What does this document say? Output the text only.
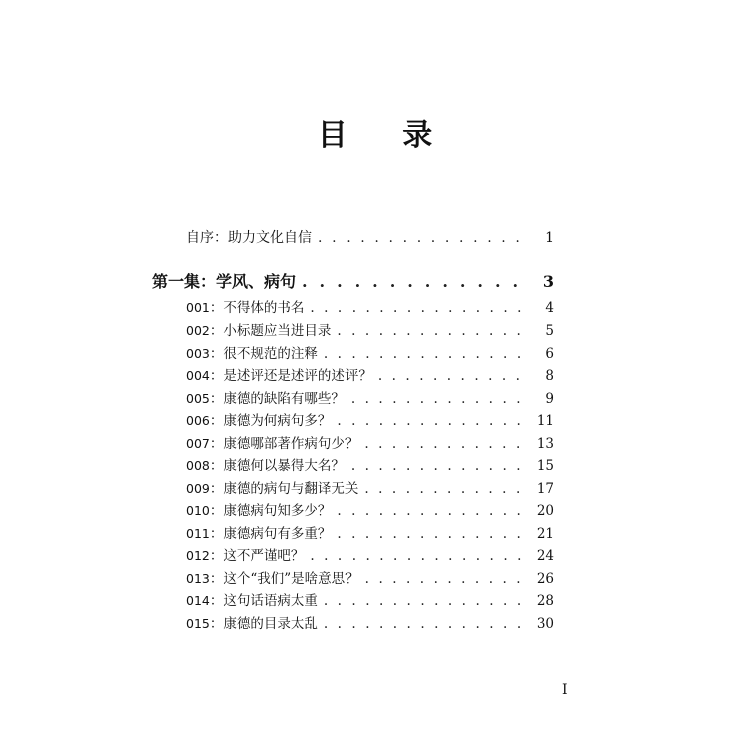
目 录
自序：助力文化自信 . . .	1
第一集：学风、病句 . . .	3
001：不得体的书名 . . .	4
002：小标题应当进目录 . . .	5
003：很不规范的注释 . . .	6
004：是述评还是述评的述评？ . . .	8
005：康德的缺陷有哪些？ . . .	9
006：康德为何病句多？ . . .	11
007：康德哪部著作病句少？ . . .	13
008：康德何以暴得大名？ . . .	15
009：康德的病句与翻译无关 . . .	17
010：康德病句知多少？ . . .	20
011：康德病句有多重？ . . .	21
012：这不严谨吧？ . . .	24
013：这个“我们”是啥意思？ . . .	26
014：这句话语病太重 . . .	28
015：康德的目录太乱 . . .	30
I
